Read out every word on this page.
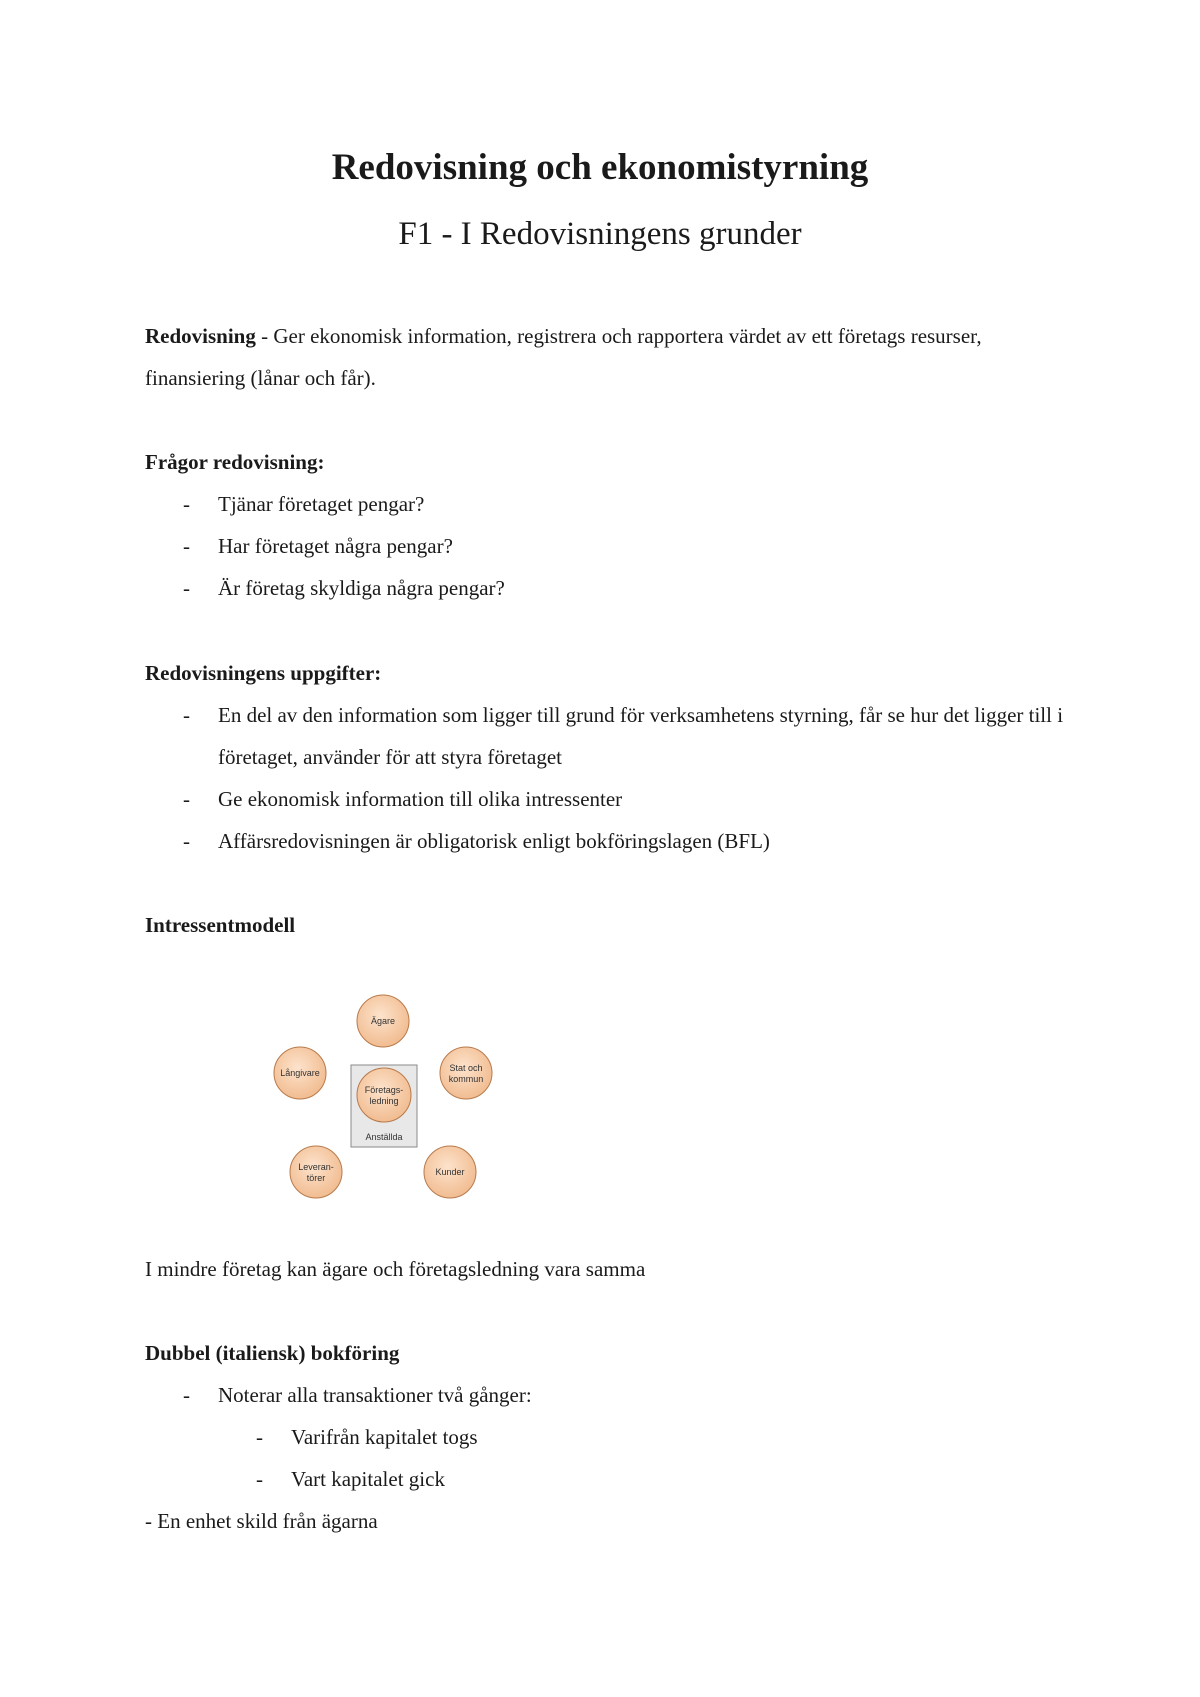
Redovisning och ekonomistyrning
F1 - I Redovisningens grunder
Redovisning - Ger ekonomisk information, registrera och rapportera värdet av ett företags resurser, finansiering (lånar och får).
Frågor redovisning:
- Tjänar företaget pengar?
- Har företaget några pengar?
- Är företag skyldiga några pengar?
Redovisningens uppgifter:
- En del av den information som ligger till grund för verksamhetens styrning, får se hur det ligger till i företaget, använder för att styra företaget
- Ge ekonomisk information till olika intressenter
- Affärsredovisningen är obligatorisk enligt bokföringslagen (BFL)
Intressentmodell
Företags-
ledning
Anställda
Ägare
Stat och
kommun
Kunder
Leveran-
törer
Långivare
I mindre företag kan ägare och företagsledning vara samma
Dubbel (italiensk) bokföring
- Noterar alla transaktioner två gånger:
- Varifrån kapitalet togs
- Vart kapitalet gick
- En enhet skild från ägarna
